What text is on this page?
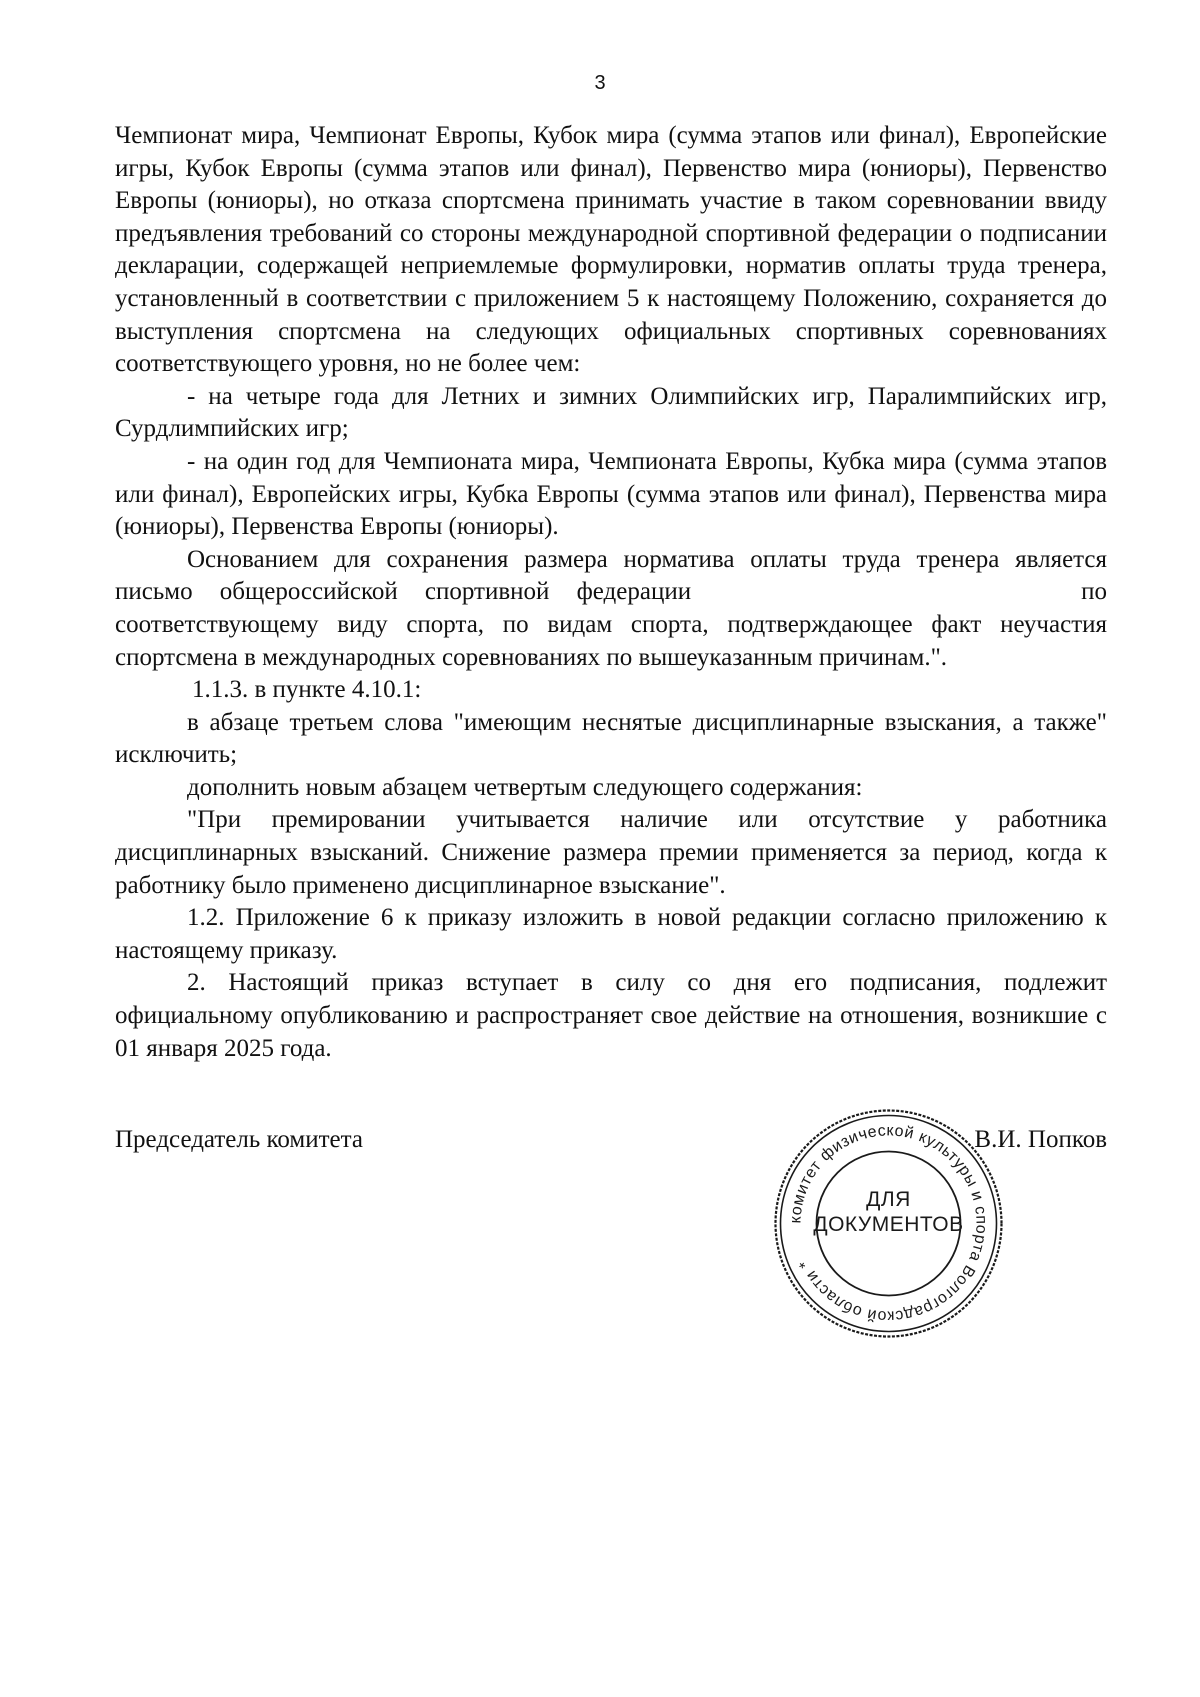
3

Чемпионат мира, Чемпионат Европы, Кубок мира (сумма этапов или финал), Европейские игры, Кубок Европы (сумма этапов или финал), Первенство мира (юниоры), Первенство Европы (юниоры), но отказа спортсмена принимать участие в таком соревновании ввиду предъявления требований со стороны международной спортивной федерации о подписании декларации, содержащей неприемлемые формулировки, норматив оплаты труда тренера, установленный в соответствии с приложением 5 к настоящему Положению, сохраняется до выступления спортсмена на следующих официальных спортивных соревнованиях соответствующего уровня, но не более чем:

- на четыре года для Летних и зимних Олимпийских игр, Паралимпийских игр, Сурдлимпийских игр;

- на один год для Чемпионата мира, Чемпионата Европы, Кубка мира (сумма этапов или финал), Европейских игры, Кубка Европы (сумма этапов или финал), Первенства мира (юниоры), Первенства Европы (юниоры).

Основанием для сохранения размера норматива оплаты труда тренера является письмо общероссийской спортивной федерации	по соответствующему виду спорта, по видам спорта, подтверждающее факт неучастия спортсмена в международных соревнованиях по вышеуказанным причинам.".

1.1.3. в пункте 4.10.1:

в абзаце третьем слова "имеющим неснятые дисциплинарные взыскания, а также" исключить;

дополнить новым абзацем четвертым следующего содержания:

"При премировании учитывается наличие или отсутствие у работника дисциплинарных взысканий. Снижение размера премии применяется за период, когда к работнику было применено дисциплинарное взыскание".

1.2. Приложение 6 к приказу изложить в новой редакции согласно приложению к настоящему приказу.

2. Настоящий приказ вступает в силу со дня его подписания, подлежит официальному опубликованию и распространяет свое действие на отношения, возникшие с 01 января 2025 года.

Председатель комитета	В.И. Попков
комитет физической культуры и спорта Волгоградской области *
ДЛЯ
ДОКУМЕНТОВ
